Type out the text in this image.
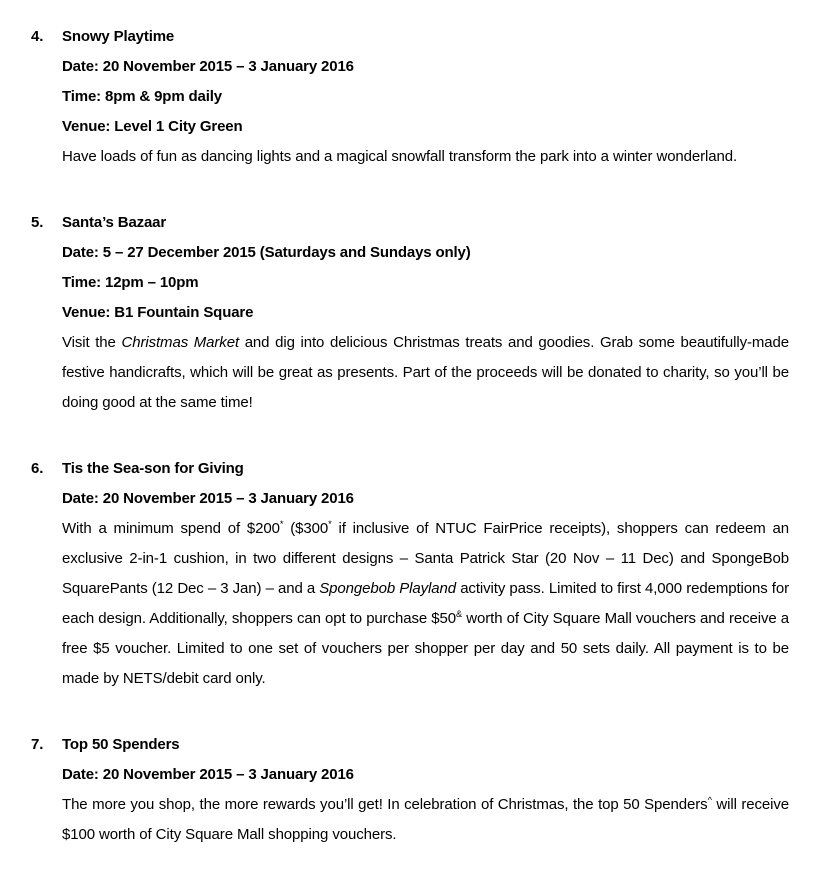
4.	Snowy Playtime
Date: 20 November 2015 – 3 January 2016
Time: 8pm & 9pm daily
Venue: Level 1 City Green

Have loads of fun as dancing lights and a magical snowfall transform the park into a winter wonderland.

5.	Santa’s Bazaar
Date: 5 – 27 December 2015 (Saturdays and Sundays only)
Time: 12pm – 10pm
Venue: B1 Fountain Square

Visit the Christmas Market and dig into delicious Christmas treats and goodies. Grab some beautifully-made festive handicrafts, which will be great as presents. Part of the proceeds will be donated to charity, so you’ll be doing good at the same time!

6.	Tis the Sea-son for Giving
Date: 20 November 2015 – 3 January 2016

With a minimum spend of $200* ($300* if inclusive of NTUC FairPrice receipts), shoppers can redeem an exclusive 2-in-1 cushion, in two different designs – Santa Patrick Star (20 Nov – 11 Dec) and SpongeBob SquarePants (12 Dec – 3 Jan) – and a Spongebob Playland activity pass. Limited to first 4,000 redemptions for each design. Additionally, shoppers can opt to purchase $50& worth of City Square Mall vouchers and receive a free $5 voucher. Limited to one set of vouchers per shopper per day and 50 sets daily. All payment is to be made by NETS/debit card only.

7.	Top 50 Spenders
Date: 20 November 2015 – 3 January 2016

The more you shop, the more rewards you’ll get! In celebration of Christmas, the top 50 Spenders^ will receive $100 worth of City Square Mall shopping vouchers.
